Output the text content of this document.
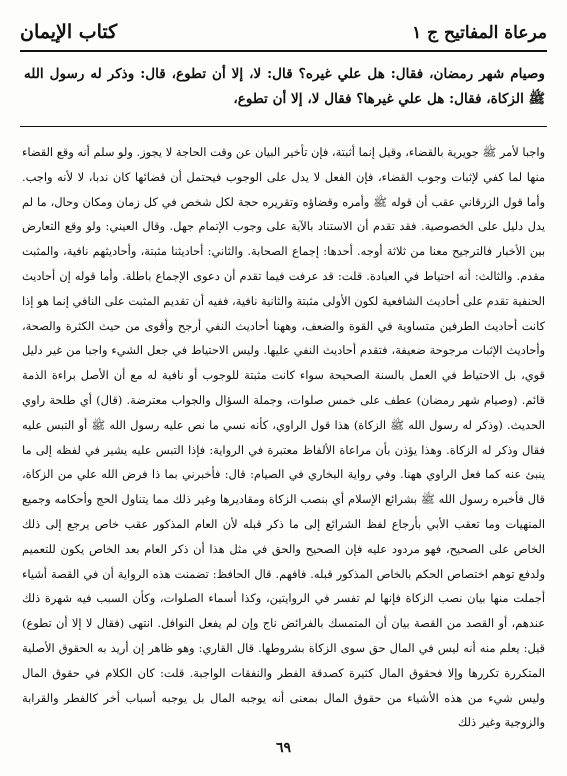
مرعاة المفاتيح ج ١
كتاب الإيمان

وصيام شهر رمضان، فقال: هل علي غيره؟ قال: لا، إلا أن تطوع، قال: وذكر له رسول الله ﷺ الزكاة، فقال: هل علي غيرها؟ فقال لا، إلا أن تطوع،

واجبا لأمر ﷺ جويرية بالقضاء، وقيل إنما أثبتة، فإن تأخير البيان عن وقت الحاجة لا يجوز. ولو سلم أنه وقع القضاء منها لما كفي لإثبات وجوب القضاء، فإن الفعل لا يدل على الوجوب فيحتمل أن قضائها كان ندبا، لا لأنه واجب. وأما قول الزرقاني عقب أن قوله ﷺ وأمره وقضاؤه وتقريره حجة لكل شخص في كل زمان ومكان وحال، ما لم يدل دليل على الخصوصية. فقد تقدم أن الاستناد بالآية على وجوب الإتمام جهل. وقال العيني: ولو وقع التعارض بين الأخبار فالترجيح معنا من ثلاثة أوجه. أحدها: إجماع الصحابة. والثاني: أحاديثنا مثبتة، وأحاديثهم نافية، والمثبت مقدم. والثالث: أنه احتياط في العبادة. قلت: قد عرفت فيما تقدم أن دعوى الإجماع باطلة. وأما قوله إن أحاديث الحنفية تقدم على أحاديث الشافعية لكون الأولى مثبتة والثانية نافية، ففيه أن تقديم المثبت على النافي إنما هو إذا كانت أحاديث الطرفين متساوية في القوة والضعف، وههنا أحاديث النفي أرجح وأقوى من حيث الكثرة والصحة، وأحاديث الإثبات مرجوحة ضعيفة، فتقدم أحاديث النفي عليها. وليس الاحتياط في جعل الشيء واجبا من غير دليل قوي، بل الاحتياط في العمل بالسنة الصحيحة سواء كانت مثبتة للوجوب أو نافية له مع أن الأصل براءة الذمة قائم. (وصيام شهر رمضان) عطف على خمس صلوات، وجملة السؤال والجواب معترضة. (قال) أي طلحة راوي الحديث. (وذكر له رسول الله ﷺ الزكاة) هذا قول الراوي، كأنه نسي ما نص عليه رسول الله ﷺ أو التبس عليه فقال وذكر له الزكاة. وهذا يؤذن بأن مراعاة الألفاظ معتبرة في الرواية: فإذا التبس عليه يشير في لفظه إلى ما ينبئ عنه كما فعل الراوي ههنا. وفي رواية البخاري في الصيام: قال: فأخبرني بما ذا فرض الله علي من الزكاة، قال فأخبره رسول الله ﷺ بشرائع الإسلام أي بنصب الزكاة ومقاديرها وغير ذلك مما يتناول الحج وأحكامه وجميع المنهيات وما تعقب الأبي بأرجاع لفظ الشرائع إلى ما ذكر قبله لأن العام المذكور عقب خاص يرجع إلى ذلك الخاص على الصحيح، فهو مردود عليه فإن الصحيح والحق في مثل هذا أن ذكر العام بعد الخاص يكون للتعميم ولدفع توهم اختصاص الحكم بالخاص المذكور قبله. فافهم. قال الحافظ: تضمنت هذه الرواية أن في القصة أشياء أجملت منها بيان نصب الزكاة فإنها لم تفسر في الروايتين، وكذا أسماء الصلوات، وكأن السبب فيه شهرة ذلك عندهم، أو القصد من القصة بيان أن المتمسك بالفرائض ناج وإن لم يفعل النوافل. انتهى (فقال لا إلا أن تطوع) قيل: يعلم منه أنه ليس في المال حق سوى الزكاة بشروطها. قال القاري: وهو ظاهر إن أريد به الحقوق الأصلية المتكررة تكررها وإلا فحقوق المال كثيرة كصدقة الفطر والنفقات الواجبة. قلت: كان الكلام في حقوق المال وليس شيء من هذه الأشياء من حقوق المال بمعنى أنه يوجبه المال بل يوجبه أسباب أخر كالفطر والقرابة والزوجية وغير ذلك

٦٩
